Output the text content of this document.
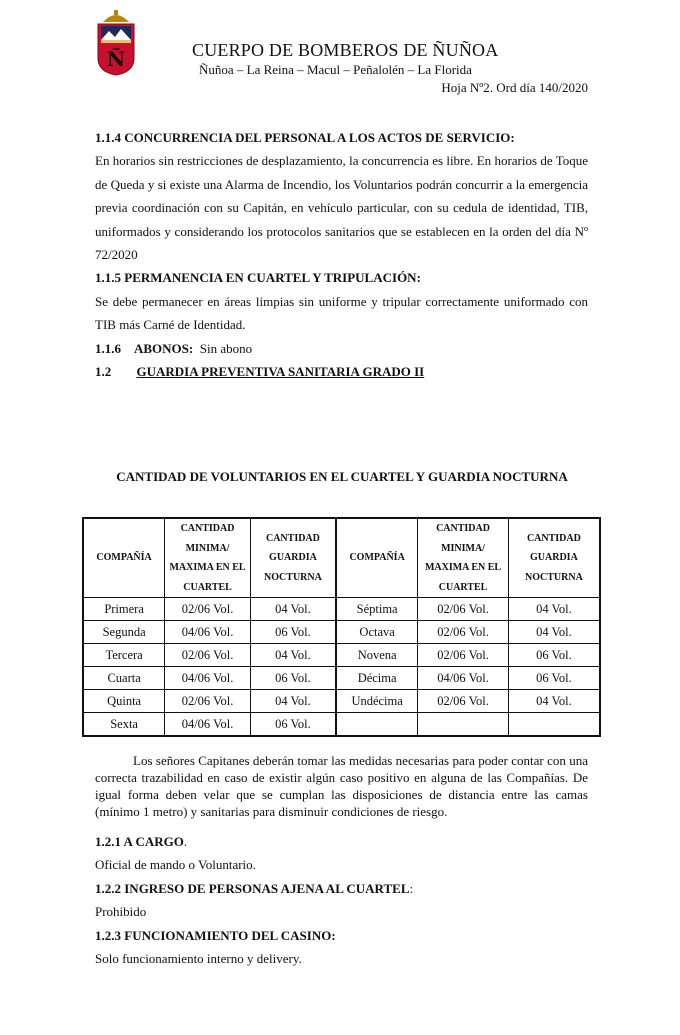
Ñ	CUERPO DE BOMBEROS DE ÑUÑOA
Ñuñoa – La Reina – Macul – Peñalolén – La Florida
Hoja Nº2. Ord día 140/2020

1.1.4 CONCURRENCIA DEL PERSONAL A LOS ACTOS DE SERVICIO:

En horarios sin restricciones de desplazamiento, la concurrencia es libre. En horarios de Toque de Queda y si existe una Alarma de Incendio, los Voluntarios podrán concurrir a la emergencia previa coordinación con su Capitán, en vehículo particular, con su cedula de identidad, TIB, uniformados y considerando los protocolos sanitarios que se establecen en la orden del día Nº 72/2020

1.1.5 PERMANENCIA EN CUARTEL Y TRIPULACIÓN:

Se debe permanecer en áreas limpias sin uniforme y tripular correctamente uniformado con TIB más Carné de Identidad.

1.1.6 ABONOS: Sin abono

1.2 GUARDIA PREVENTIVA SANITARIA GRADO II

CANTIDAD DE VOLUNTARIOS EN EL CUARTEL Y GUARDIA NOCTURNA
COMPAÑÍA	CANTIDAD MINIMA/ MAXIMA EN EL CUARTEL	CANTIDAD GUARDIA NOCTURNA	COMPAÑÍA	CANTIDAD MINIMA/ MAXIMA EN EL CUARTEL	CANTIDAD GUARDIA NOCTURNA
Primera	02/06 Vol.	04 Vol.	Séptima	02/06 Vol.	04 Vol.
Segunda	04/06 Vol.	06 Vol.	Octava	02/06 Vol.	04 Vol.
Tercera	02/06 Vol.	04 Vol.	Novena	02/06 Vol.	06 Vol.
Cuarta	04/06 Vol.	06 Vol.	Décima	04/06 Vol.	06 Vol.
Quinta	02/06 Vol.	04 Vol.	Undécima	02/06 Vol.	04 Vol.
Sexta	04/06 Vol.	06 Vol.			

Los señores Capitanes deberán tomar las medidas necesarias para poder contar con una correcta trazabilidad en caso de existir algún caso positivo en alguna de las Compañías. De igual forma deben velar que se cumplan las disposiciones de distancia entre las camas (mínimo 1 metro) y sanitarias para disminuir condiciones de riesgo.

1.2.1 A CARGO.

Oficial de mando o Voluntario.

1.2.2 INGRESO DE PERSONAS AJENA AL CUARTEL:

Prohibido

1.2.3 FUNCIONAMIENTO DEL CASINO:

Solo funcionamiento interno y delivery.
